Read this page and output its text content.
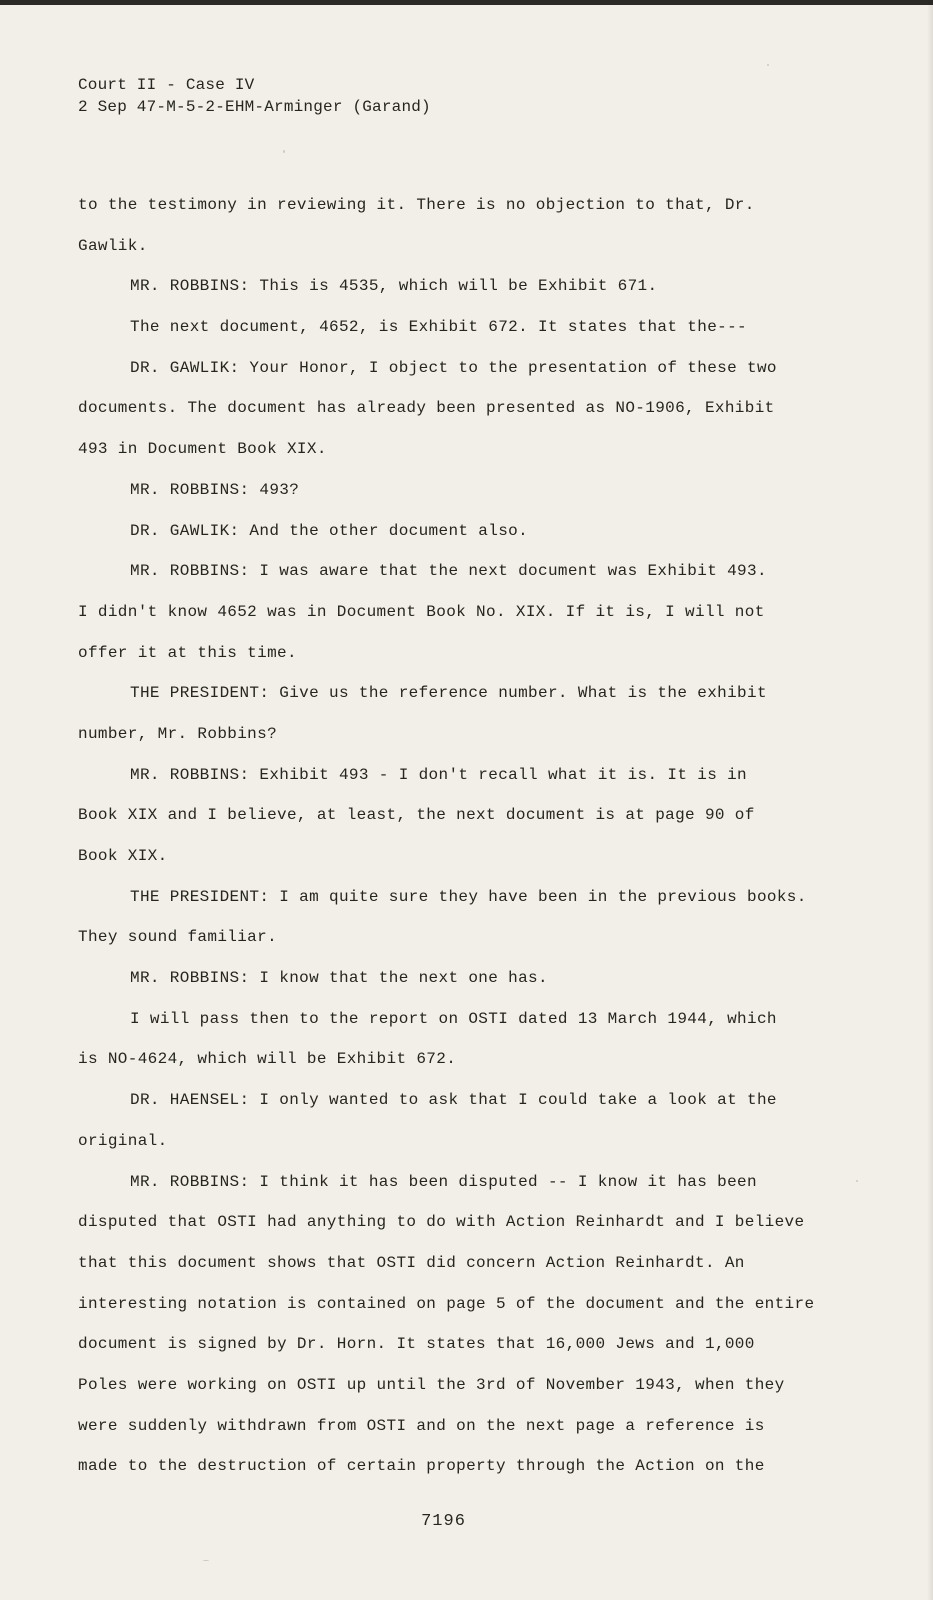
Court II - Case IV
2 Sep 47-M-5-2-EHM-Arminger (Garand)
to the testimony in reviewing it. There is no objection to that, Dr.
Gawlik.
MR. ROBBINS: This is 4535, which will be Exhibit 671.
The next document, 4652, is Exhibit 672. It states that the---
DR. GAWLIK: Your Honor, I object to the presentation of these two
documents. The document has already been presented as NO-1906, Exhibit
493 in Document Book XIX.
MR. ROBBINS: 493?
DR. GAWLIK: And the other document also.
MR. ROBBINS: I was aware that the next document was Exhibit 493.
I didn't know 4652 was in Document Book No. XIX. If it is, I will not
offer it at this time.
THE PRESIDENT: Give us the reference number. What is the exhibit
number, Mr. Robbins?
MR. ROBBINS: Exhibit 493 - I don't recall what it is. It is in
Book XIX and I believe, at least, the next document is at page 90 of
Book XIX.
THE PRESIDENT: I am quite sure they have been in the previous books.
They sound familiar.
MR. ROBBINS: I know that the next one has.
I will pass then to the report on OSTI dated 13 March 1944, which
is NO-4624, which will be Exhibit 672.
DR. HAENSEL: I only wanted to ask that I could take a look at the
original.
MR. ROBBINS: I think it has been disputed -- I know it has been
disputed that OSTI had anything to do with Action Reinhardt and I believe
that this document shows that OSTI did concern Action Reinhardt. An
interesting notation is contained on page 5 of the document and the entire
document is signed by Dr. Horn. It states that 16,000 Jews and 1,000
Poles were working on OSTI up until the 3rd of November 1943, when they
were suddenly withdrawn from OSTI and on the next page a reference is
made to the destruction of certain property through the Action on the
7196
